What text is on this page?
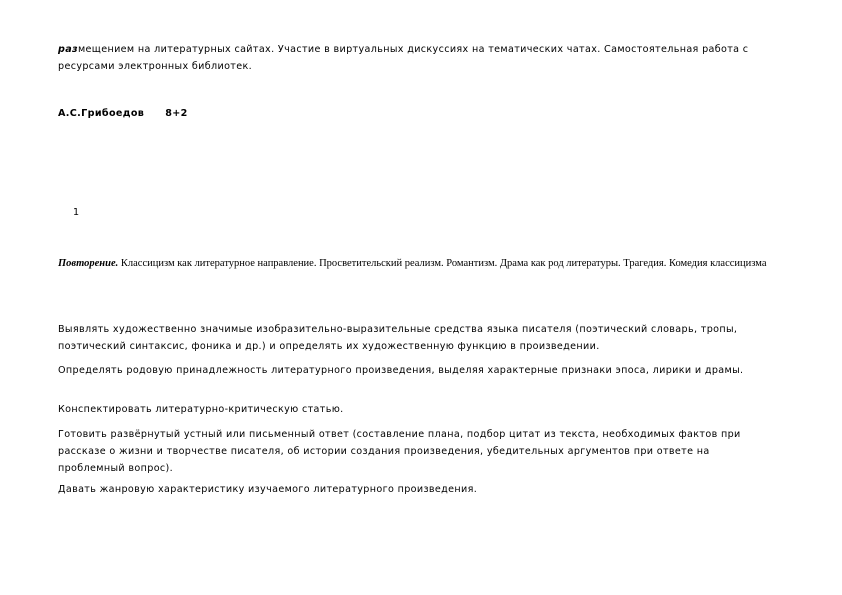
размещением на литературных сайтах. Участие в виртуальных дискуссиях на тематических чатах. Самостоятельная работа с ресурсами электронных библиотек.

А.С.Грибоедов 8+2

1

Повторение. Классицизм как литературное направление. Просветительский реализм. Романтизм. Драма как род литературы. Трагедия. Комедия классицизма

Выявлять художественно значимые изобразительно-выразительные средства языка писателя (поэтический словарь, тропы, поэтический синтаксис, фоника и др.) и определять их художественную функцию в произведении.

Определять родовую принадлежность литературного произведения, выделяя характерные признаки эпоса, лирики и драмы.

Конспектировать литературно-критическую статью.

Готовить развёрнутый устный или письменный ответ (составление плана, подбор цитат из текста, необходимых фактов при рассказе о жизни и творчестве писателя, об истории создания произведения, убедительных аргументов при ответе на проблемный вопрос).

Давать жанровую характеристику изучаемого литературного произведения.
